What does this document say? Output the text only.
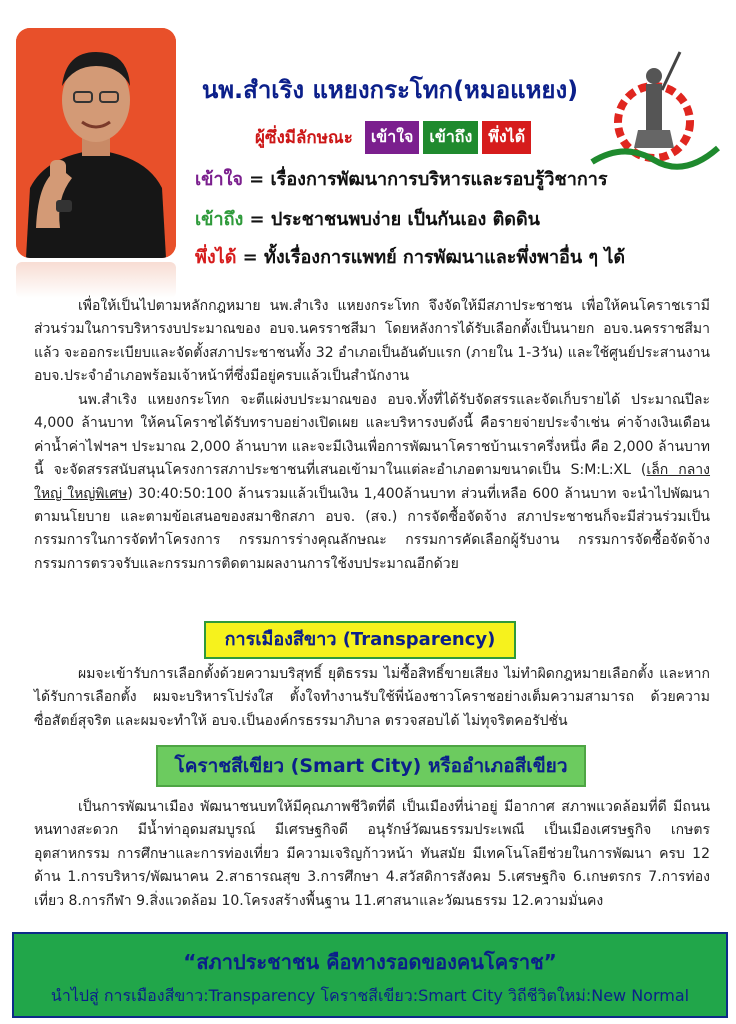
นพ.สำเริง แหยงกระโทก(หมอแหยง)
ผู้ซึ่งมีลักษณะ	เข้าใจ	เข้าถึง	พึ่งได้
เข้าใจ = เรื่องการพัฒนาการบริหารและรอบรู้วิชาการ
เข้าถึง = ประชาชนพบง่าย เป็นกันเอง ติดดิน
พึ่งได้ = ทั้งเรื่องการแพทย์ การพัฒนาและพึ่งพาอื่น ๆ ได้

เพื่อให้เป็นไปตามหลักกฎหมาย นพ.สำเริง แหยงกระโทก จึงจัดให้มีสภาประชาชน เพื่อให้คนโคราชเรามีส่วนร่วมในการบริหารงบประมาณของ อบจ.นครราชสีมา โดยหลังการได้รับเลือกตั้งเป็นนายก อบจ.นครราชสีมาแล้ว จะออกระเบียบและจัดตั้งสภาประชาชนทั้ง 32 อำเภอเป็นอันดับแรก (ภายใน 1-3วัน) และใช้ศูนย์ประสานงาน อบจ.ประจำอำเภอพร้อมเจ้าหน้าที่ซึ่งมีอยู่ครบแล้วเป็นสำนักงาน

นพ.สำเริง แหยงกระโทก จะตีแผ่งบประมาณของ อบจ.ทั้งที่ได้รับจัดสรรและจัดเก็บรายได้ ประมาณปีละ 4,000 ล้านบาท ให้คนโคราชได้รับทราบอย่างเปิดเผย และบริหารงบดังนี้ คือรายจ่ายประจำเช่น ค่าจ้างเงินเดือน ค่าน้ำค่าไฟฯลฯ ประมาณ 2,000 ล้านบาท และจะมีเงินเพื่อการพัฒนาโคราชบ้านเราครึ่งหนึ่ง คือ 2,000 ล้านบาท นี้ จะจัดสรรสนับสนุนโครงการสภาประชาชนที่เสนอเข้ามาในแต่ละอำเภอตามขนาดเป็น S:M:L:XL (เล็ก กลาง ใหญ่ ใหญ่พิเศษ) 30:40:50:100 ล้านรวมแล้วเป็นเงิน 1,400ล้านบาท ส่วนที่เหลือ 600 ล้านบาท จะนำไปพัฒนาตามนโยบาย และตามข้อเสนอของสมาชิกสภา อบจ. (สจ.) การจัดซื้อจัดจ้าง สภาประชาชนก็จะมีส่วนร่วมเป็นกรรมการในการจัดทำโครงการ กรรมการร่างคุณลักษณะ กรรมการคัดเลือกผู้รับงาน กรรมการจัดซื้อจัดจ้าง กรรมการตรวจรับและกรรมการติดตามผลงานการใช้งบประมาณอีกด้วย

การเมืองสีขาว (Transparency)

ผมจะเข้ารับการเลือกตั้งด้วยความบริสุทธิ์ ยุติธรรม ไม่ซื้อสิทธิ์ขายเสียง ไม่ทำผิดกฎหมายเลือกตั้ง และหากได้รับการเลือกตั้ง ผมจะบริหารโปร่งใส ตั้งใจทำงานรับใช้พี่น้องชาวโคราชอย่างเต็มความสามารถ ด้วยความซื่อสัตย์สุจริต และผมจะทำให้ อบจ.เป็นองค์กรธรรมาภิบาล ตรวจสอบได้ ไม่ทุจริตคอรัปชั่น

โคราชสีเขียว (Smart City) หรืออำเภอสีเขียว

เป็นการพัฒนาเมือง พัฒนาชนบทให้มีคุณภาพชีวิตที่ดี เป็นเมืองที่น่าอยู่ มีอากาศ สภาพแวดล้อมที่ดี มีถนนหนทางสะดวก มีน้ำท่าอุดมสมบูรณ์ มีเศรษฐกิจดี อนุรักษ์วัฒนธรรมประเพณี เป็นเมืองเศรษฐกิจ เกษตรอุตสาหกรรม การศึกษาและการท่องเที่ยว มีความเจริญก้าวหน้า ทันสมัย มีเทคโนโลยีช่วยในการพัฒนา ครบ 12 ด้าน 1.การบริหาร/พัฒนาคน 2.สาธารณสุข 3.การศึกษา 4.สวัสดิการสังคม 5.เศรษฐกิจ 6.เกษตรกร 7.การท่องเที่ยว 8.การกีฬา 9.สิ่งแวดล้อม 10.โครงสร้างพื้นฐาน 11.ศาสนาและวัฒนธรรม 12.ความมั่นคง

“สภาประชาชน คือทางรอดของคนโคราช”
นำไปสู่ การเมืองสีขาว:Transparency โคราชสีเขียว:Smart City วิถีชีวิตใหม่:New Normal
